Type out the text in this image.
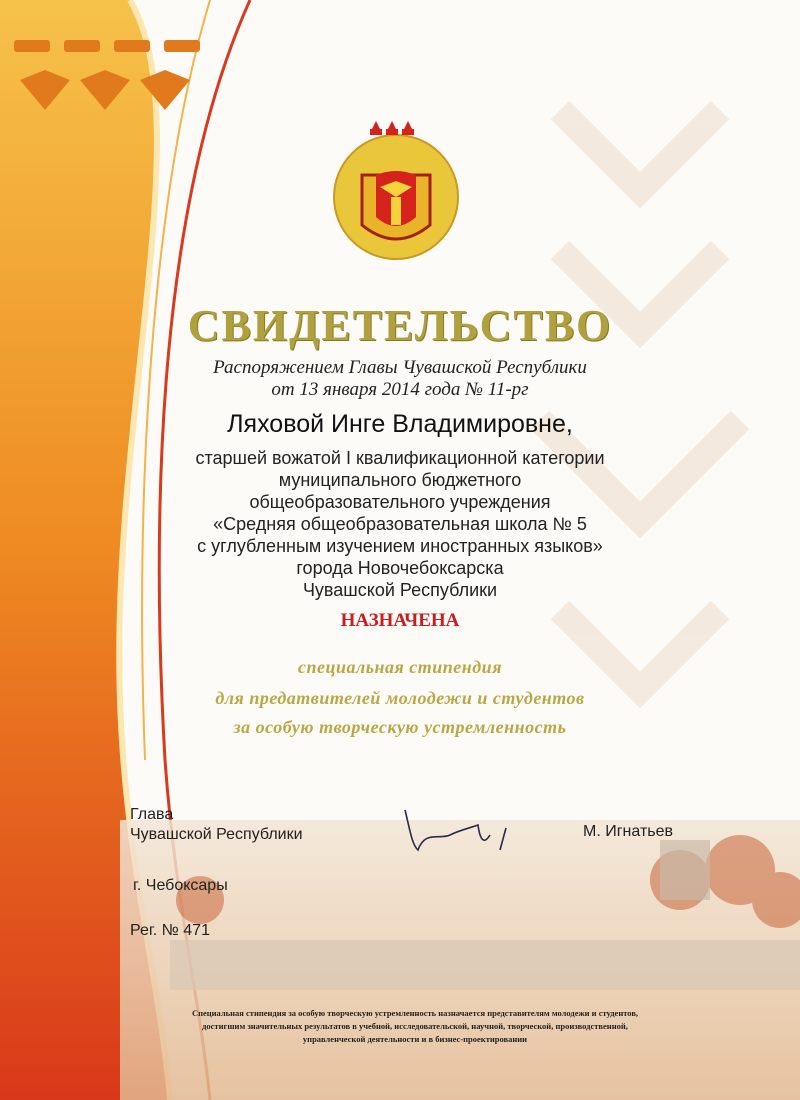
СВИДЕТЕЛЬСТВО
Распоряжением Главы Чувашской Республики
от 13 января 2014 года № 11-рг
Ляховой Инге Владимировне,
старшей вожатой I квалификационной категории
муниципального бюджетного
общеобразовательного учреждения
«Средняя общеобразовательная школа № 5
с углубленным изучением иностранных языков»
города Новочебоксарска
Чувашской Республики
НАЗНАЧЕНА
специальная стипендия
для предатвителей молодежи и студентов
за особую творческую устремленность
Глава
Чувашской Республики	М. Игнатьев
г. Чебоксары
Рег. № 471
Специальная стипендия за особую творческую устремленность назначается представителям молодежи и студентов, достигшим значительных результатов в учебной, исследовательской, научной, творческой, производственной, управленческой деятельности и в бизнес-проектировании
